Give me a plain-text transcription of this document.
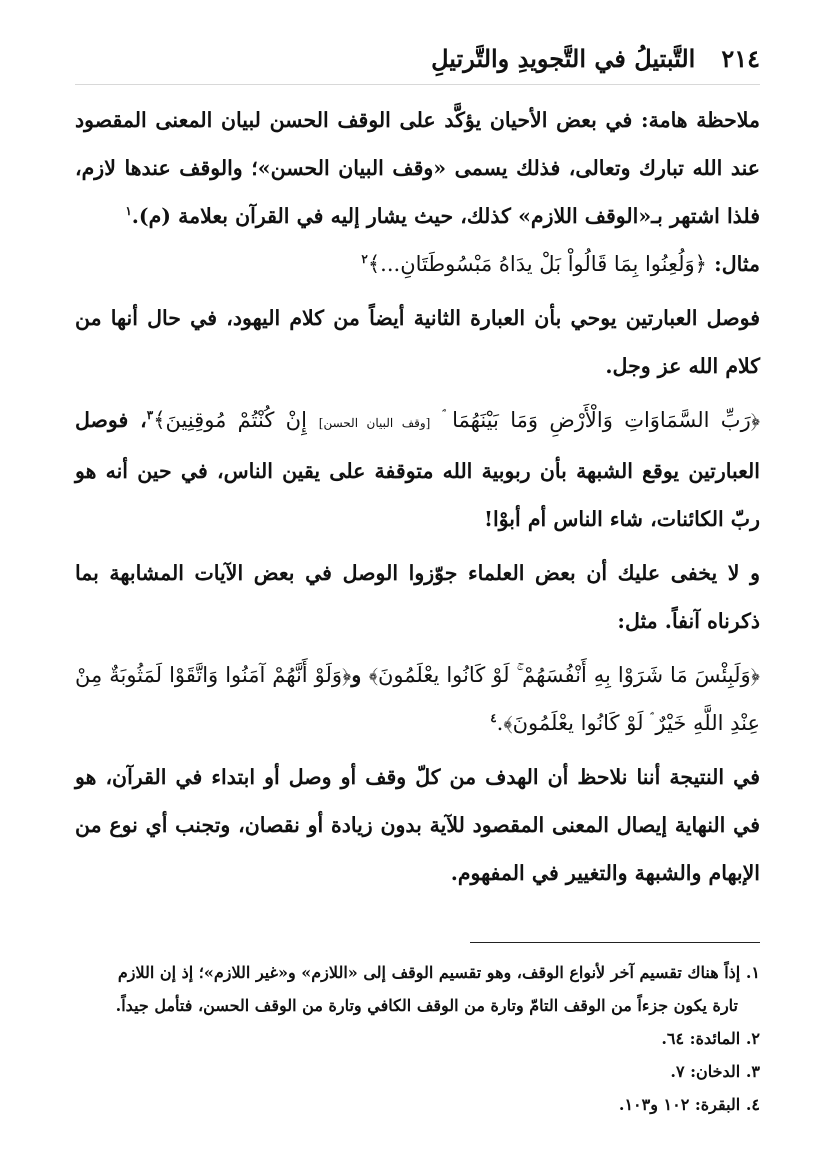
٢١٤
التَّبتيلُ في التَّجويدِ والتَّرتيلِ

ملاحظة هامة: في بعض الأحيان يؤكَّد على الوقف الحسن لبيان المعنى المقصود عند الله تبارك وتعالى، فذلك يسمى «وقف البيان الحسن»؛ والوقف عندها لازم، فلذا اشتهر بـ«الوقف اللازم» كذلك، حيث يشار إليه في القرآن بعلامة (م).$^١$

مثال: ﴿وَلُعِنُوا بِمَا قَالُواْ بَلْ يدَاهُ مَبْسُوطَتَانِ...﴾$^٢$

فوصل العبارتين يوحي بأن العبارة الثانية أيضاً من كلام اليهود، في حال أنها من كلام الله عز وجل.

﴿رَبِّ السَّمَاوَاتِ وَالْأَرْضِ وَمَا بَيْنَهُمَا ۘ [وقف البيان الحسن] إِنْ كُنْتُمْ مُوقِنِينَ﴾$^٣$، فوصل العبارتين يوقع الشبهة بأن ربوبية الله متوقفة على يقين الناس، في حين أنه هو ربّ الكائنات، شاء الناس أم أبوْا!

و لا يخفى عليك أن بعض العلماء جوّزوا الوصل في بعض الآيات المشابهة بما ذكرناه آنفاً. مثل:

﴿وَلَبِئْسَ مَا شَرَوْا بِهِ أَنْفُسَهُمْ ۚ لَوْ كَانُوا يعْلَمُونَ﴾ و﴿وَلَوْ أَنَّهُمْ آمَنُوا وَاتَّقَوْا لَمَثُوبَةٌ مِنْ عِنْدِ اللَّهِ خَيْرٌ ۘ لَوْ كَانُوا يعْلَمُونَ﴾.$^٤$

في النتيجة أننا نلاحظ أن الهدف من كلّ وقف أو وصل أو ابتداء في القرآن، هو في النهاية إيصال المعنى المقصود للآية بدون زيادة أو نقصان، وتجنب أي نوع من الإبهام والشبهة والتغيير في المفهوم.

١. إذاً هناك تقسيم آخر لأنواع الوقف، وهو تقسيم الوقف إلى «اللازم» و«غير اللازم»؛ إذ إن اللازم
تارة يكون جزءاً من الوقف التامّ وتارة من الوقف الكافي وتارة من الوقف الحسن، فتأمل جيداً.

٢. المائدة: ٦٤.

٣. الدخان: ٧.

٤. البقرة: ١٠٢ و١٠٣.
